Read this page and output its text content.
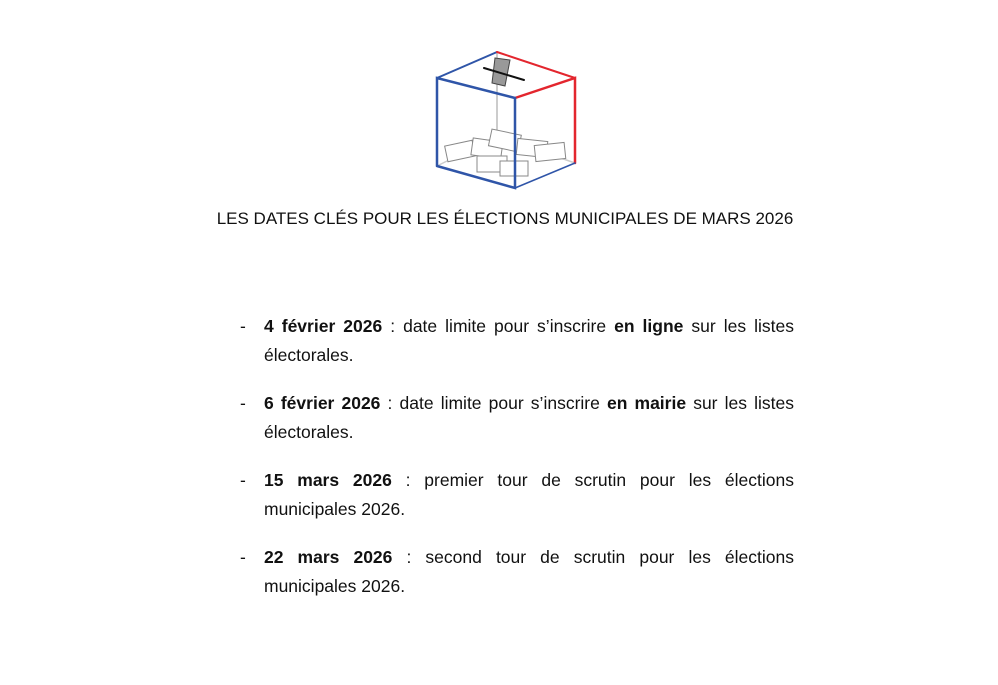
LES DATES CLÉS POUR LES ÉLECTIONS MUNICIPALES DE MARS 2026
- 4 février 2026 : date limite pour s’inscrire en ligne sur les listes électorales.
- 6 février 2026 : date limite pour s’inscrire en mairie sur les listes électorales.
- 15 mars 2026 : premier tour de scrutin pour les élections municipales 2026.
- 22 mars 2026 : second tour de scrutin pour les élections municipales 2026.
